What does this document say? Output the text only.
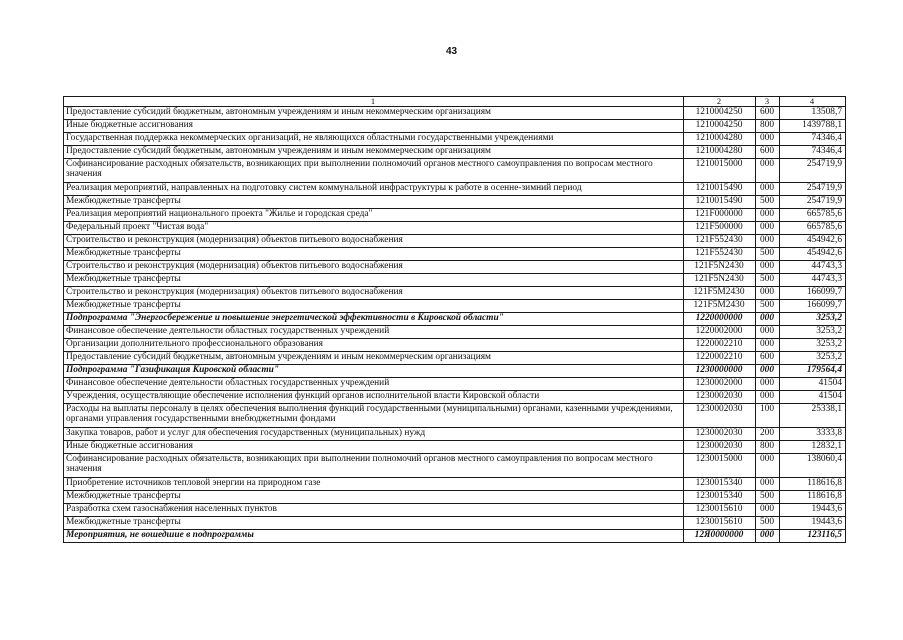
43
1	2	3	4
Предоставление субсидий бюджетным, автономным учреждениям и иным некоммерческим организациям	1210004250	600	13508,7
Иные бюджетные ассигнования	1210004250	800	1439788,1
Государственная поддержка некоммерческих организаций, не являющихся областными государственными учреждениями	1210004280	000	74346,4
Предоставление субсидий бюджетным, автономным учреждениям и иным некоммерческим организациям	1210004280	600	74346,4
Софинансирование расходных обязательств, возникающих при выполнении полномочий органов местного самоуправления по вопросам местного значения	1210015000	000	254719,9
Реализация мероприятий, направленных на подготовку систем коммунальной инфраструктуры к работе в осенне-зимний период	1210015490	000	254719,9
Межбюджетные трансферты	1210015490	500	254719,9
Реализация мероприятий национального проекта "Жилье и городская среда"	121F000000	000	665785,6
Федеральный проект "Чистая вода"	121F500000	000	665785,6
Строительство и реконструкция (модернизация) объектов питьевого водоснабжения	121F552430	000	454942,6
Межбюджетные трансферты	121F552430	500	454942,6
Строительство и реконструкция (модернизация) объектов питьевого водоснабжения	121F5N2430	000	44743,3
Межбюджетные трансферты	121F5N2430	500	44743,3
Строительство и реконструкция (модернизация) объектов питьевого водоснабжения	121F5M2430	000	166099,7
Межбюджетные трансферты	121F5M2430	500	166099,7
Подпрограмма "Энергосбережение и повышение энергетической эффективности в Кировской области"	1220000000	000	3253,2
Финансовое обеспечение деятельности областных государственных учреждений	1220002000	000	3253,2
Организации дополнительного профессионального образования	1220002210	000	3253,2
Предоставление субсидий бюджетным, автономным учреждениям и иным некоммерческим организациям	1220002210	600	3253,2
Подпрограмма "Газификация Кировской области"	1230000000	000	179564,4
Финансовое обеспечение деятельности областных государственных учреждений	1230002000	000	41504
Учреждения, осуществляющие обеспечение исполнения функций органов исполнительной власти Кировской области	1230002030	000	41504
Расходы на выплаты персоналу в целях обеспечения выполнения функций государственными (муниципальными) органами, казенными учреждениями, органами управления государственными внебюджетными фондами	1230002030	100	25338,1
Закупка товаров, работ и услуг для обеспечения государственных (муниципальных) нужд	1230002030	200	3333,8
Иные бюджетные ассигнования	1230002030	800	12832,1
Софинансирование расходных обязательств, возникающих при выполнении полномочий органов местного самоуправления по вопросам местного значения	1230015000	000	138060,4
Приобретение источников тепловой энергии на природном газе	1230015340	000	118616,8
Межбюджетные трансферты	1230015340	500	118616,8
Разработка схем газоснабжения населенных пунктов	1230015610	000	19443,6
Межбюджетные трансферты	1230015610	500	19443,6
Мероприятия, не вошедшие в подпрограммы	12Я0000000	000	123116,5
